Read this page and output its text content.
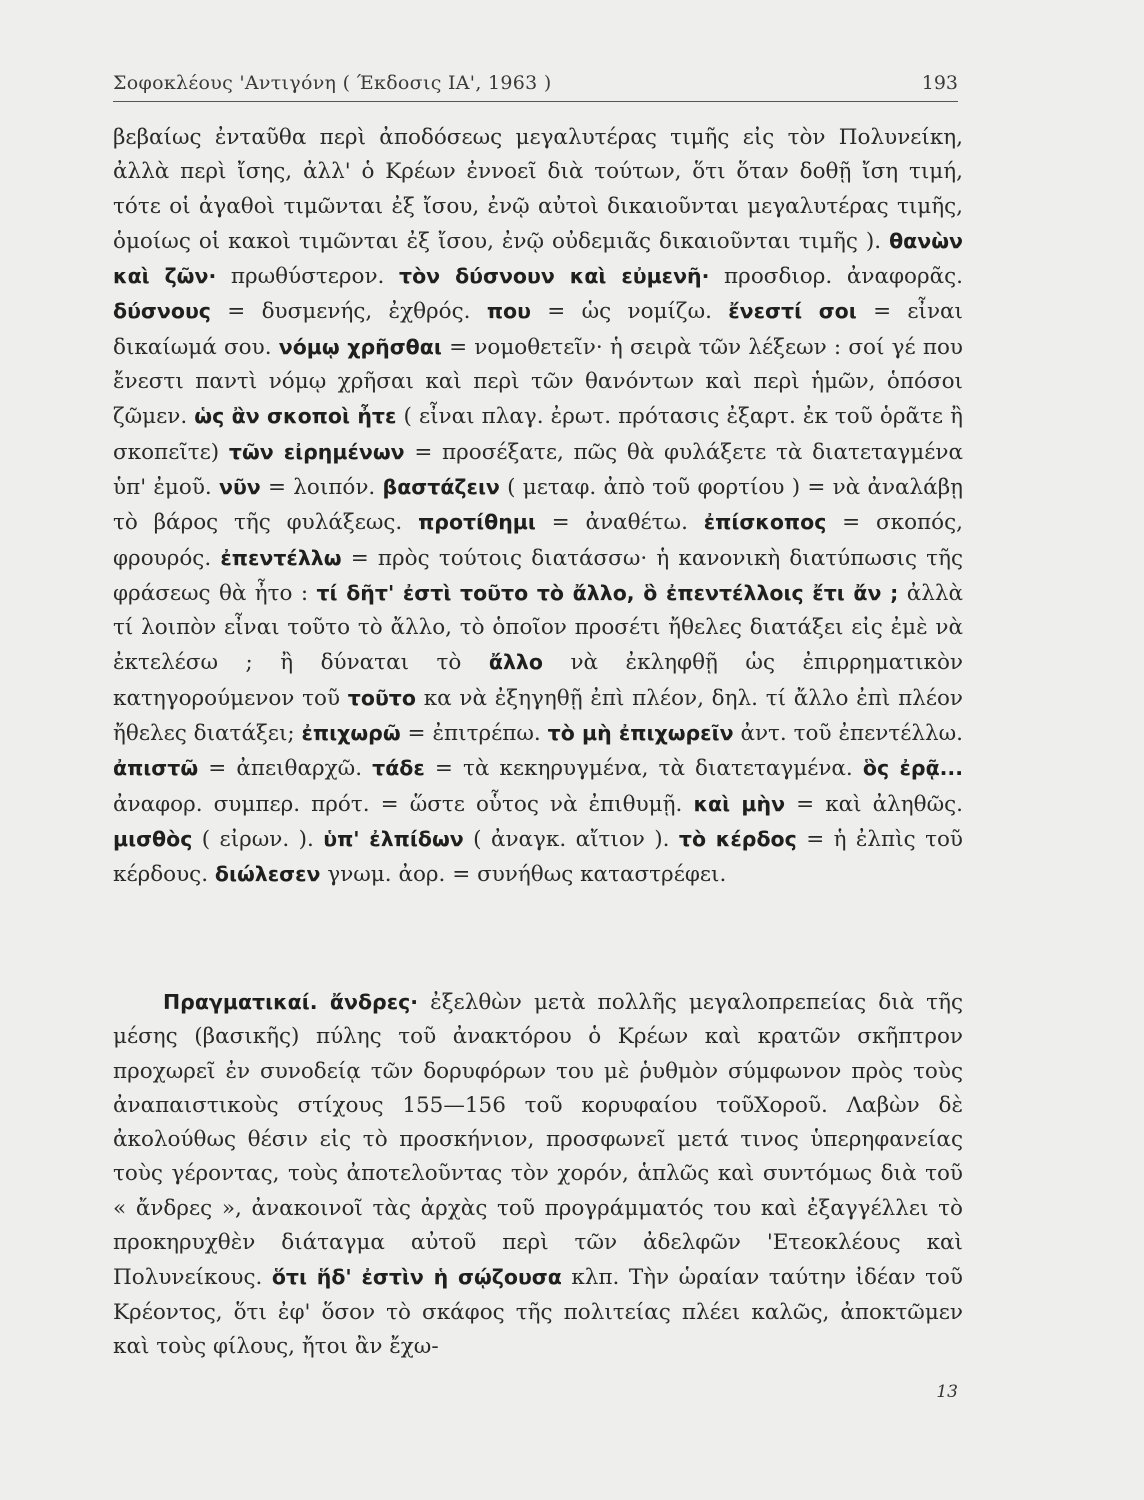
Σοφοκλέους 'Αντιγόνη ( Έκδοσις ΙΑ', 1963 )	193
βεβαίως ἐνταῦθα περὶ ἀποδόσεως μεγαλυτέρας τιμῆς εἰς τὸν Πολυνείκη, ἀλλὰ περὶ ἴσης, ἀλλ' ὁ Κρέων ἐννοεῖ διὰ τούτων, ὅτι ὅταν δοθῇ ἴση τιμή, τότε οἱ ἀγαθοὶ τιμῶνται ἐξ ἴσου, ἐνῷ αὐτοὶ δικαιοῦνται μεγαλυτέρας τιμῆς, ὁμοίως οἱ κακοὶ τιμῶνται ἐξ ἴσου, ἐνῷ οὐδεμιᾶς δικαιοῦνται τιμῆς ). θανὼν καὶ ζῶν· πρωθύστερον. τὸν δύσνουν καὶ εὐμενῆ· προσδιορ. ἀναφορᾶς. δύσνους = δυσμενής, ἐχθρός. που = ὡς νομίζω. ἔνεστί σοι = εἶναι δικαίωμά σου. νόμῳ χρῆσθαι = νομοθετεῖν· ἡ σειρὰ τῶν λέξεων : σοί γέ που ἔνεστι παντὶ νόμῳ χρῆσαι καὶ περὶ τῶν θανόντων καὶ περὶ ἡμῶν, ὁπόσοι ζῶμεν. ὡς ἂν σκοποὶ ἦτε ( εἶναι πλαγ. ἐρωτ. πρότασις ἐξαρτ. ἐκ τοῦ ὁρᾶτε ἢ σκοπεῖτε) τῶν εἰρημένων = προσέξατε, πῶς θὰ φυλάξετε τὰ διατεταγμένα ὑπ' ἐμοῦ. νῦν = λοιπόν. βαστάζειν ( μεταφ. ἀπὸ τοῦ φορτίου ) = νὰ ἀναλάβῃ τὸ βάρος τῆς φυλάξεως. προτίθημι = ἀναθέτω. ἐπίσκοπος = σκοπός, φρουρός. ἐπεντέλλω = πρὸς τούτοις διατάσσω· ἡ κανονικὴ διατύπωσις τῆς φράσεως θὰ ἦτο : τί δῆτ' ἐστὶ τοῦτο τὸ ἄλλο, ὃ ἐπεντέλλοις ἔτι ἄν ; ἀλλὰ τί λοιπὸν εἶναι τοῦτο τὸ ἄλλο, τὸ ὁποῖον προσέτι ἤθελες διατάξει εἰς ἐμὲ νὰ ἐκτελέσω ; ἢ δύναται τὸ ἄλλο νὰ ἐκληφθῇ ὡς ἐπιρρηματικὸν κατηγορούμενον τοῦ τοῦτο κα νὰ ἐξηγηθῇ ἐπὶ πλέον, δηλ. τί ἄλλο ἐπὶ πλέον ἤθελες διατάξει; ἐπιχωρῶ = ἐπιτρέπω. τὸ μὴ ἐπιχωρεῖν ἀντ. τοῦ ἐπεντέλλω. ἀπιστῶ = ἀπειθαρχῶ. τάδε = τὰ κεκηρυγμένα, τὰ διατεταγμένα. ὃς ἐρᾷ... ἀναφορ. συμπερ. πρότ. = ὥστε οὗτος νὰ ἐπιθυμῇ. καὶ μὴν = καὶ ἀληθῶς. μισθὸς ( εἰρων. ). ὑπ' ἐλπίδων ( ἀναγκ. αἴτιον ). τὸ κέρδος = ἡ ἐλπὶς τοῦ κέρδους. διώλεσεν γνωμ. ἀορ. = συνήθως καταστρέφει.
Πραγματικαί. ἄνδρες· ἐξελθὼν μετὰ πολλῆς μεγαλοπρεπείας διὰ τῆς μέσης (βασικῆς) πύλης τοῦ ἀνακτόρου ὁ Κρέων καὶ κρατῶν σκῆπτρον προχωρεῖ ἐν συνοδείᾳ τῶν δορυφόρων του μὲ ῥυθμὸν σύμφωνον πρὸς τοὺς ἀναπαιστικοὺς στίχους 155—156 τοῦ κορυφαίου τοῦΧοροῦ. Λαβὼν δὲ ἀκολούθως θέσιν εἰς τὸ προσκήνιον, προσφωνεῖ μετά τινος ὑπερηφανείας τοὺς γέροντας, τοὺς ἀποτελοῦντας τὸν χορόν, ἁπλῶς καὶ συντόμως διὰ τοῦ « ἄνδρες », ἀνακοινοῖ τὰς ἀρχὰς τοῦ προγράμματός του καὶ ἐξαγγέλλει τὸ προκηρυχθὲν διάταγμα αὐτοῦ περὶ τῶν ἀδελφῶν 'Ετεοκλέους καὶ Πολυνείκους. ὅτι ἥδ' ἐστὶν ἡ σῴζουσα κλπ. Τὴν ὡραίαν ταύτην ἰδέαν τοῦ Κρέοντος, ὅτι ἐφ' ὅσον τὸ σκάφος τῆς πολιτείας πλέει καλῶς, ἀποκτῶμεν καὶ τοὺς φίλους, ἤτοι ἂν ἔχω-
13
